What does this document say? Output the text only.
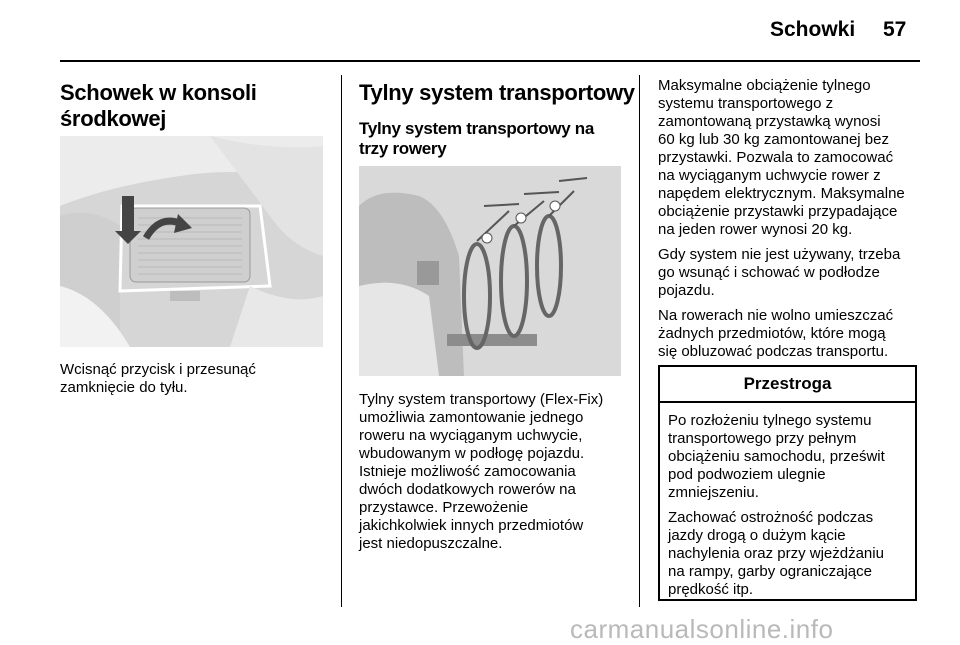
Schowki 57
Schowek w konsoli
środkowej
Wcisnąć przycisk i przesunąć
zamknięcie do tyłu.
Tylny system transportowy
Tylny system transportowy na
trzy rowery
Tylny system transportowy (Flex-Fix)
umożliwia zamontowanie jednego
roweru na wyciąganym uchwycie,
wbudowanym w podłogę pojazdu.
Istnieje możliwość zamocowania
dwóch dodatkowych rowerów na
przystawce. Przewożenie
jakichkolwiek innych przedmiotów
jest niedopuszczalne.

Maksymalne obciążenie tylnego
systemu transportowego z
zamontowaną przystawką wynosi
60 kg lub 30 kg zamontowanej bez
przystawki. Pozwala to zamocować
na wyciąganym uchwycie rower z
napędem elektrycznym. Maksymalne
obciążenie przystawki przypadające
na jeden rower wynosi 20 kg.

Gdy system nie jest używany, trzeba
go wsunąć i schować w podłodze
pojazdu.

Na rowerach nie wolno umieszczać
żadnych przedmiotów, które mogą
się obluzować podczas transportu.

Przestroga

Po rozłożeniu tylnego systemu
transportowego przy pełnym
obciążeniu samochodu, prześwit
pod podwoziem ulegnie
zmniejszeniu.

Zachować ostrożność podczas
jazdy drogą o dużym kącie
nachylenia oraz przy wjeżdżaniu
na rampy, garby ograniczające
prędkość itp.

carmanualsonline.info
